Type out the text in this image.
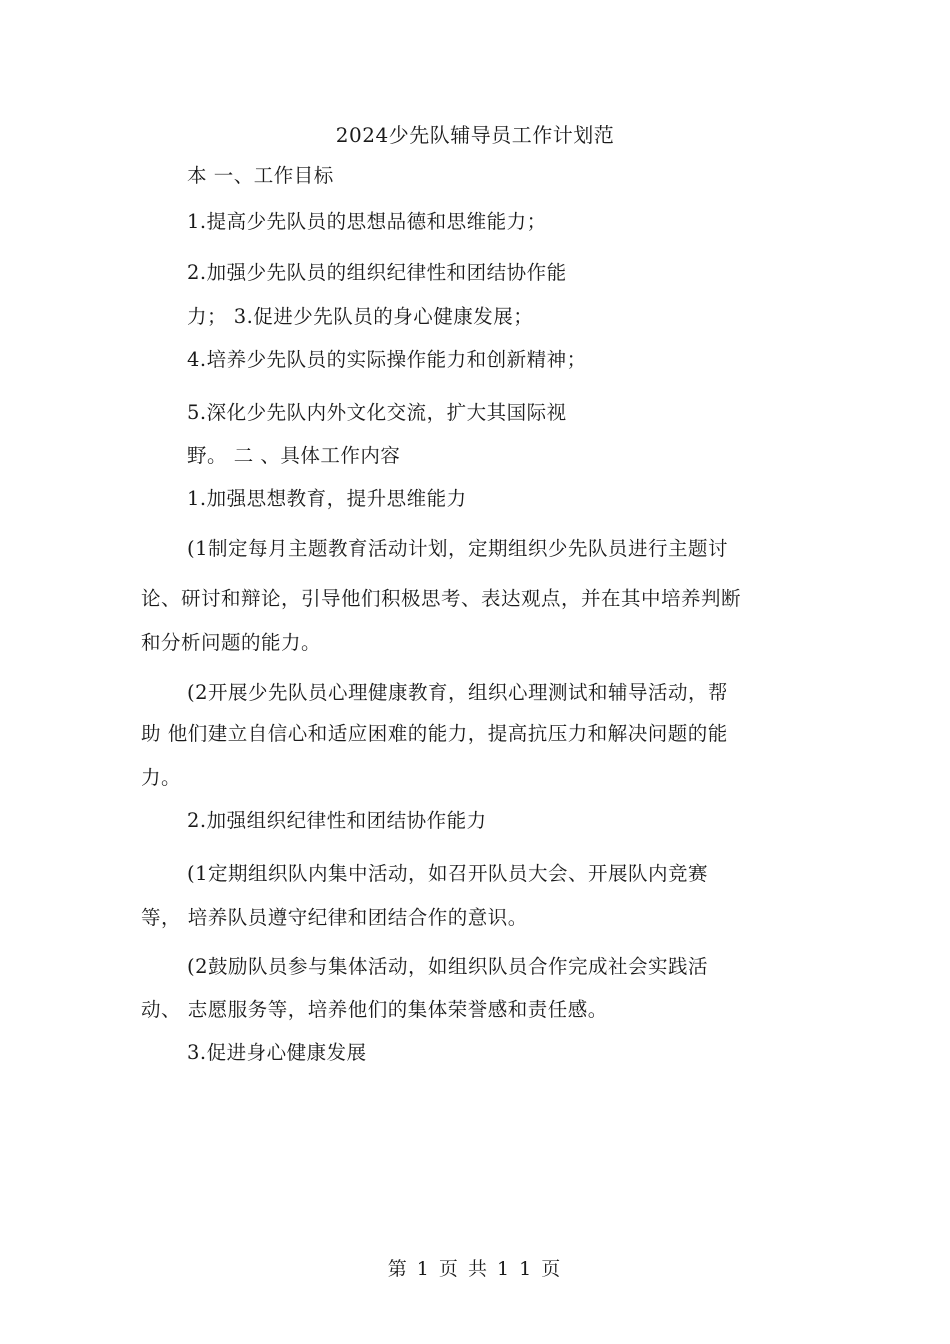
2024少先队辅导员工作计划范
本 一、工作目标
1.提高少先队员的思想品德和思维能力；
2.加强少先队员的组织纪律性和团结协作能
力； 3.促进少先队员的身心健康发展；
4.培养少先队员的实际操作能力和创新精神；
5.深化少先队内外文化交流，扩大其国际视
野。 二 、具体工作内容
1.加强思想教育，提升思维能力
(1制定每月主题教育活动计划，定期组织少先队员进行主题讨
论、研讨和辩论，引导他们积极思考、表达观点，并在其中培养判断
和分析问题的能力。
(2开展少先队员心理健康教育，组织心理测试和辅导活动，帮
助 他们建立自信心和适应困难的能力，提高抗压力和解决问题的能
力。
2.加强组织纪律性和团结协作能力
(1定期组织队内集中活动，如召开队员大会、开展队内竞赛
等， 培养队员遵守纪律和团结合作的意识。
(2鼓励队员参与集体活动，如组织队员合作完成社会实践活
动、 志愿服务等，培养他们的集体荣誉感和责任感。
3.促进身心健康发展
第 1 页 共 1 1 页
